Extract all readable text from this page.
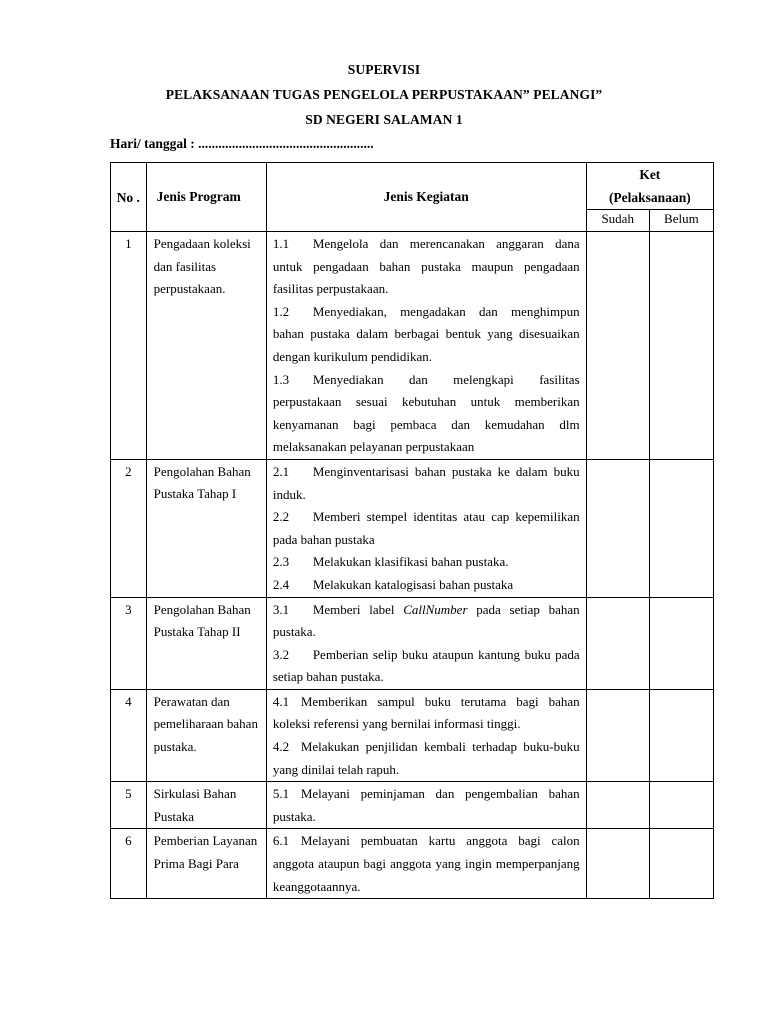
SUPERVISI
PELAKSANAAN TUGAS PENGELOLA PERPUSTAKAAN” PELANGI”
SD NEGERI SALAMAN 1
Hari/ tanggal : ....................................................
No .	Jenis Program	Jenis Kegiatan	Ket
(Pelaksanaan)	

			Sudah	Belum
1	Pengadaan koleksi dan fasilitas perpustakaan.	1.1 Mengelola dan merencanakan anggaran dana untuk pengadaan bahan pustaka maupun pengadaan fasilitas perpustakaan.
1.2 Menyediakan, mengadakan dan menghimpun bahan pustaka dalam berbagai bentuk yang disesuaikan dengan kurikulum pendidikan.
1.3 Menyediakan dan melengkapi fasilitas perpustakaan sesuai kebutuhan untuk memberikan kenyamanan bagi pembaca dan kemudahan dlm melaksanakan pelayanan perpustakaan		

2	Pengolahan Bahan Pustaka Tahap I	2.1 Menginventarisasi bahan pustaka ke dalam buku induk.
2.2 Memberi stempel identitas atau cap kepemilikan pada bahan pustaka
2.3 Melakukan klasifikasi bahan pustaka.
2.4 Melakukan katalogisasi bahan pustaka		

3	Pengolahan Bahan Pustaka Tahap II	3.1 Memberi label CallNumber pada setiap bahan pustaka.
3.2 Pemberian selip buku ataupun kantung buku pada setiap bahan pustaka.		

4	Perawatan dan pemeliharaan bahan pustaka.	4.1 Memberikan sampul buku terutama bagi bahan koleksi referensi yang bernilai informasi tinggi.
4.2 Melakukan penjilidan kembali terhadap buku-buku yang dinilai telah rapuh.		

5	Sirkulasi Bahan Pustaka	5.1 Melayani peminjaman dan pengembalian bahan pustaka.		

6	Pemberian Layanan Prima Bagi Para	6.1 Melayani pembuatan kartu anggota bagi calon anggota ataupun bagi anggota yang ingin memperpanjang keanggotaannya.		
